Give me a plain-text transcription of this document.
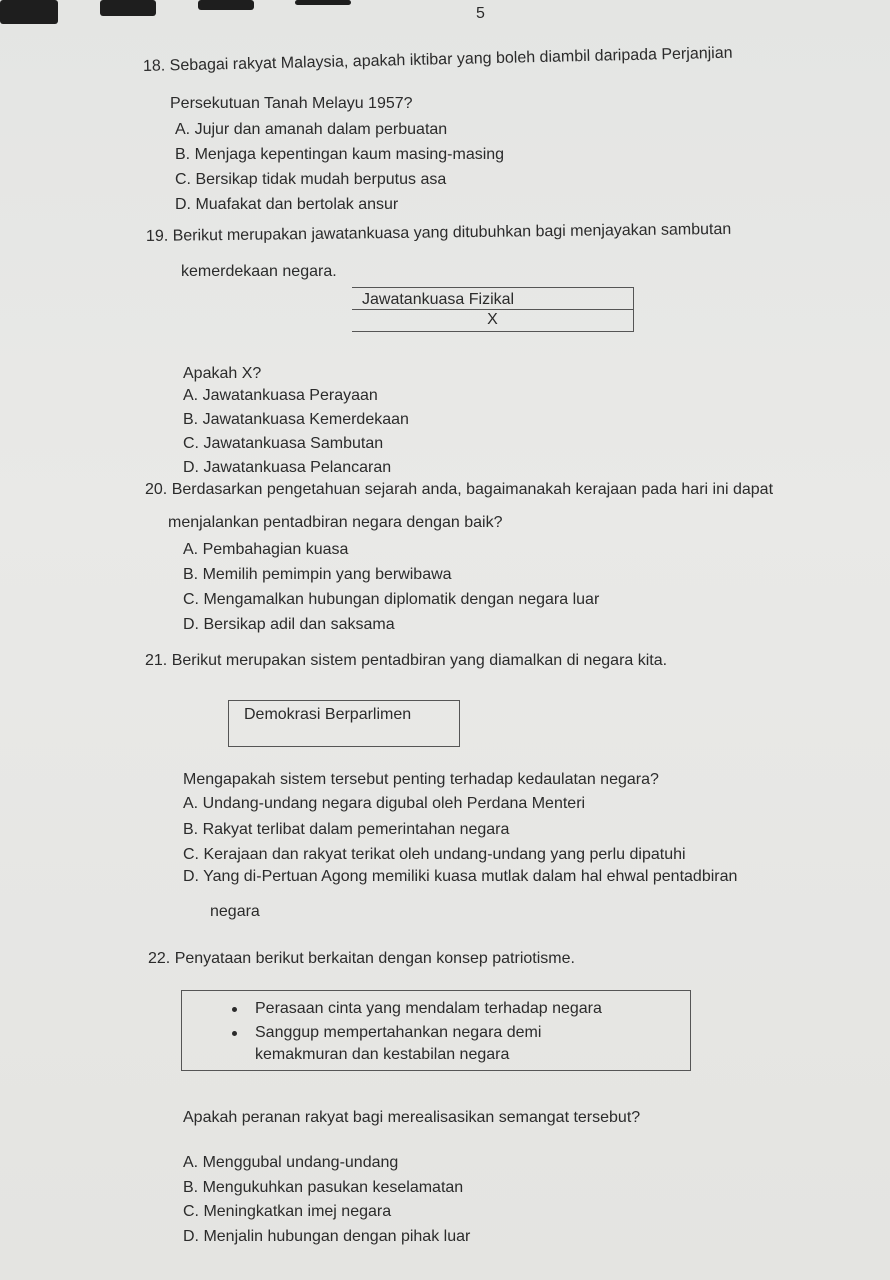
5
18. Sebagai rakyat Malaysia, apakah iktibar yang boleh diambil daripada Perjanjian
Persekutuan Tanah Melayu 1957?
A. Jujur dan amanah dalam perbuatan
B. Menjaga kepentingan kaum masing-masing
C. Bersikap tidak mudah berputus asa
D. Muafakat dan bertolak ansur
19. Berikut merupakan jawatankuasa yang ditubuhkan bagi menjayakan sambutan
kemerdekaan negara.
Jawatankuasa Fizikal
X
Apakah X?
A. Jawatankuasa Perayaan
B. Jawatankuasa Kemerdekaan
C. Jawatankuasa Sambutan
D. Jawatankuasa Pelancaran
20. Berdasarkan pengetahuan sejarah anda, bagaimanakah kerajaan pada hari ini dapat
menjalankan pentadbiran negara dengan baik?
A. Pembahagian kuasa
B. Memilih pemimpin yang berwibawa
C. Mengamalkan hubungan diplomatik dengan negara luar
D. Bersikap adil dan saksama
21. Berikut merupakan sistem pentadbiran yang diamalkan di negara kita.
Demokrasi Berparlimen
Mengapakah sistem tersebut penting terhadap kedaulatan negara?
A. Undang-undang negara digubal oleh Perdana Menteri
B. Rakyat terlibat dalam pemerintahan negara
C. Kerajaan dan rakyat terikat oleh undang-undang yang perlu dipatuhi
D. Yang di-Pertuan Agong memiliki kuasa mutlak dalam hal ehwal pentadbiran
negara
22. Penyataan berikut berkaitan dengan konsep patriotisme.
Perasaan cinta yang mendalam terhadap negara
Sanggup mempertahankan negara demi
kemakmuran dan kestabilan negara
Apakah peranan rakyat bagi merealisasikan semangat tersebut?
A. Menggubal undang-undang
B. Mengukuhkan pasukan keselamatan
C. Meningkatkan imej negara
D. Menjalin hubungan dengan pihak luar
